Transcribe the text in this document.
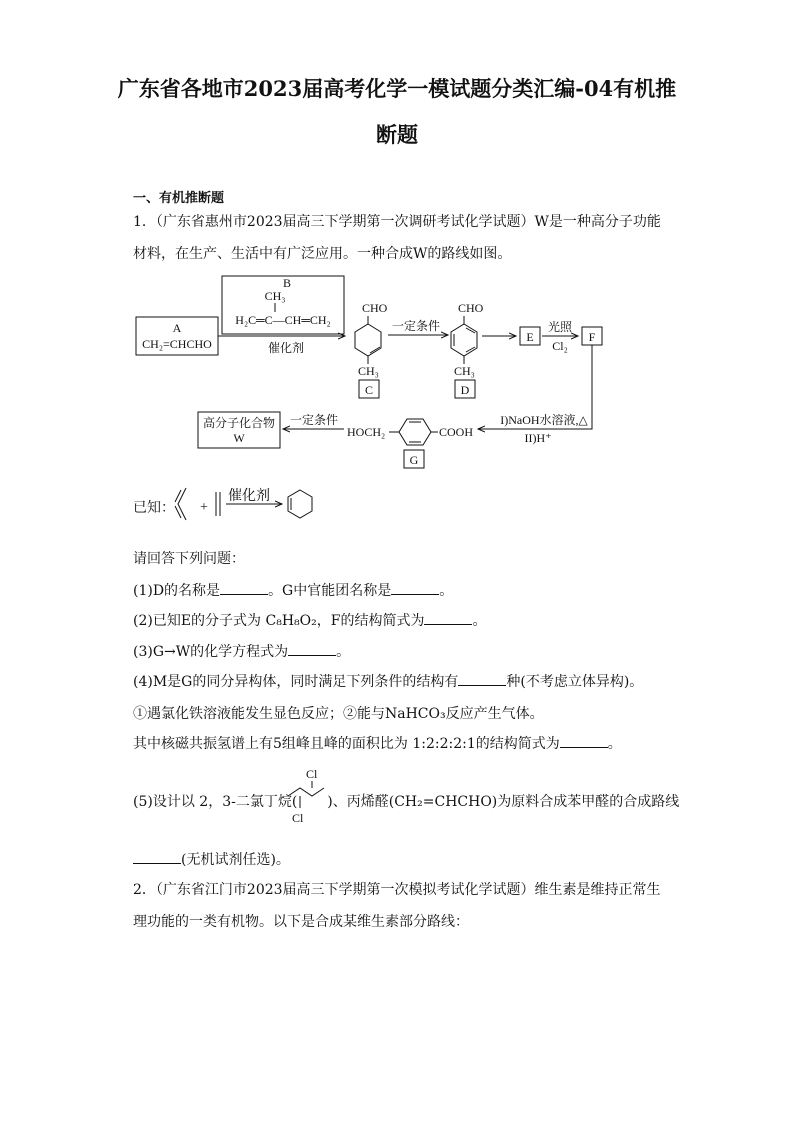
广东省各地市2023届高考化学一模试题分类汇编-04有机推
断题
一、有机推断题
1．（广东省惠州市2023届高三下学期第一次调研考试化学试题）W是一种高分子功能材料，在生产、生活中有广泛应用。一种合成W的路线如图。
A
CH₂=CHCHO
B
CH₃
H₂C═C—CH═CH₂
催化剂
CHO
CH₃
C
一定条件
CHO
CH₃
D
E
光照
Cl₂
F
I)NaOH水溶液,△
II)H⁺
HOCH₂	COOH
G
一定条件
高分子化合物
W
已知： +
催化剂
请回答下列问题：
(1)D的名称是	。G中官能团名称是	。
(2)已知E的分子式为 C₈H₈O₂，F的结构简式为	。
(3)G→W的化学方程式为	。
(4)M是G的同分异构体，同时满足下列条件的结构有	种(不考虑立体异构)。
①遇氯化铁溶液能发生显色反应；②能与NaHCO₃反应产生气体。
其中核磁共振氢谱上有5组峰且峰的面积比为 1:2:2:2:1的结构简式为	。
(5)设计以 2，3-二氯丁烷( )、丙烯醛(CH₂=CHCHO)为原料合成苯甲醛的合成路线
Cl
Cl
(无机试剂任选)。
2．（广东省江门市2023届高三下学期第一次模拟考试化学试题）维生素是维持正常生理功能的一类有机物。以下是合成某维生素部分路线：
